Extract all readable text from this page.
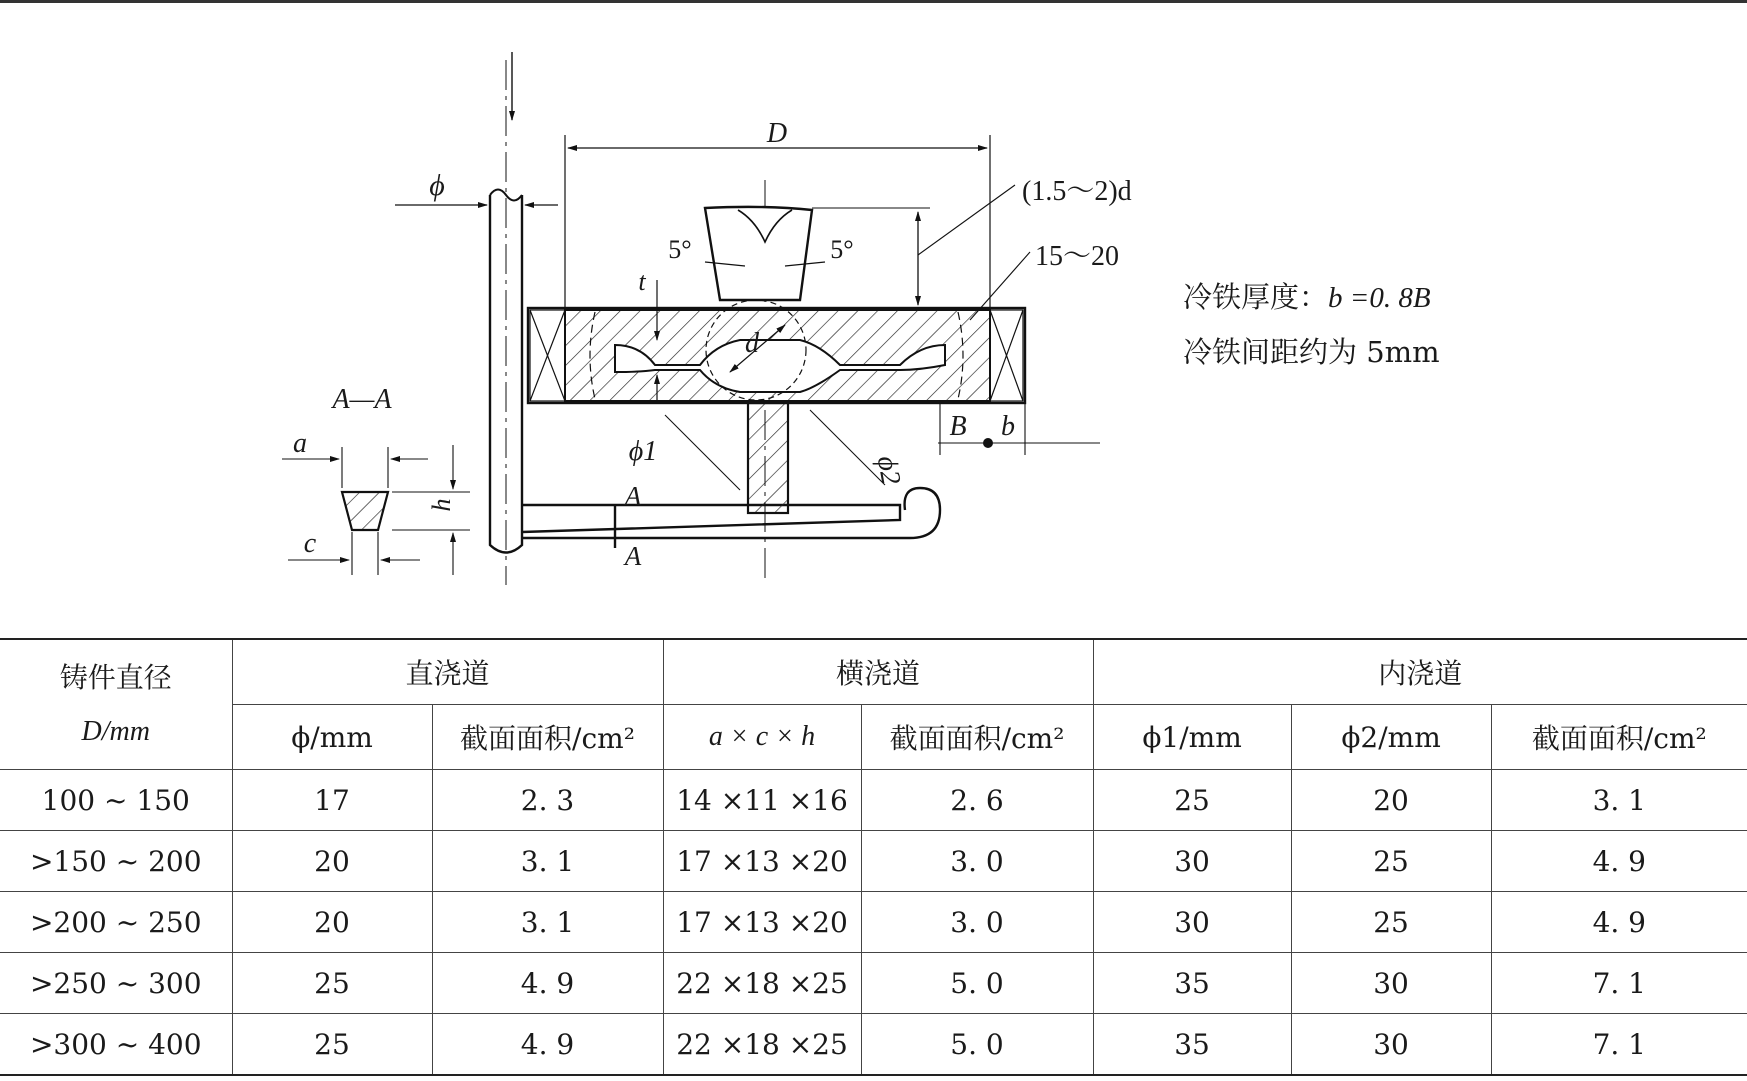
D
ϕ
A
A
5°	5°
d
t
(1.5～2)d
15～20
ϕ1
ϕ2
B b
A—A
a
c
h
冷铁厚度：b =0. 8B
冷铁间距约为 5mm
铸件直径
D/mm	直浇道		横浇道		内浇道		
	ϕ/mm	截面面积/cm²	a × c × h	截面面积/cm²	ϕ1/mm	ϕ2/mm	截面面积/cm²
100 ~ 150	17	2. 3	14 ×11 ×16	2. 6	25	20	3. 1
>150 ~ 200	20	3. 1	17 ×13 ×20	3. 0	30	25	4. 9
>200 ~ 250	20	3. 1	17 ×13 ×20	3. 0	30	25	4. 9
>250 ~ 300	25	4. 9	22 ×18 ×25	5. 0	35	30	7. 1
>300 ~ 400	25	4. 9	22 ×18 ×25	5. 0	35	30	7. 1
